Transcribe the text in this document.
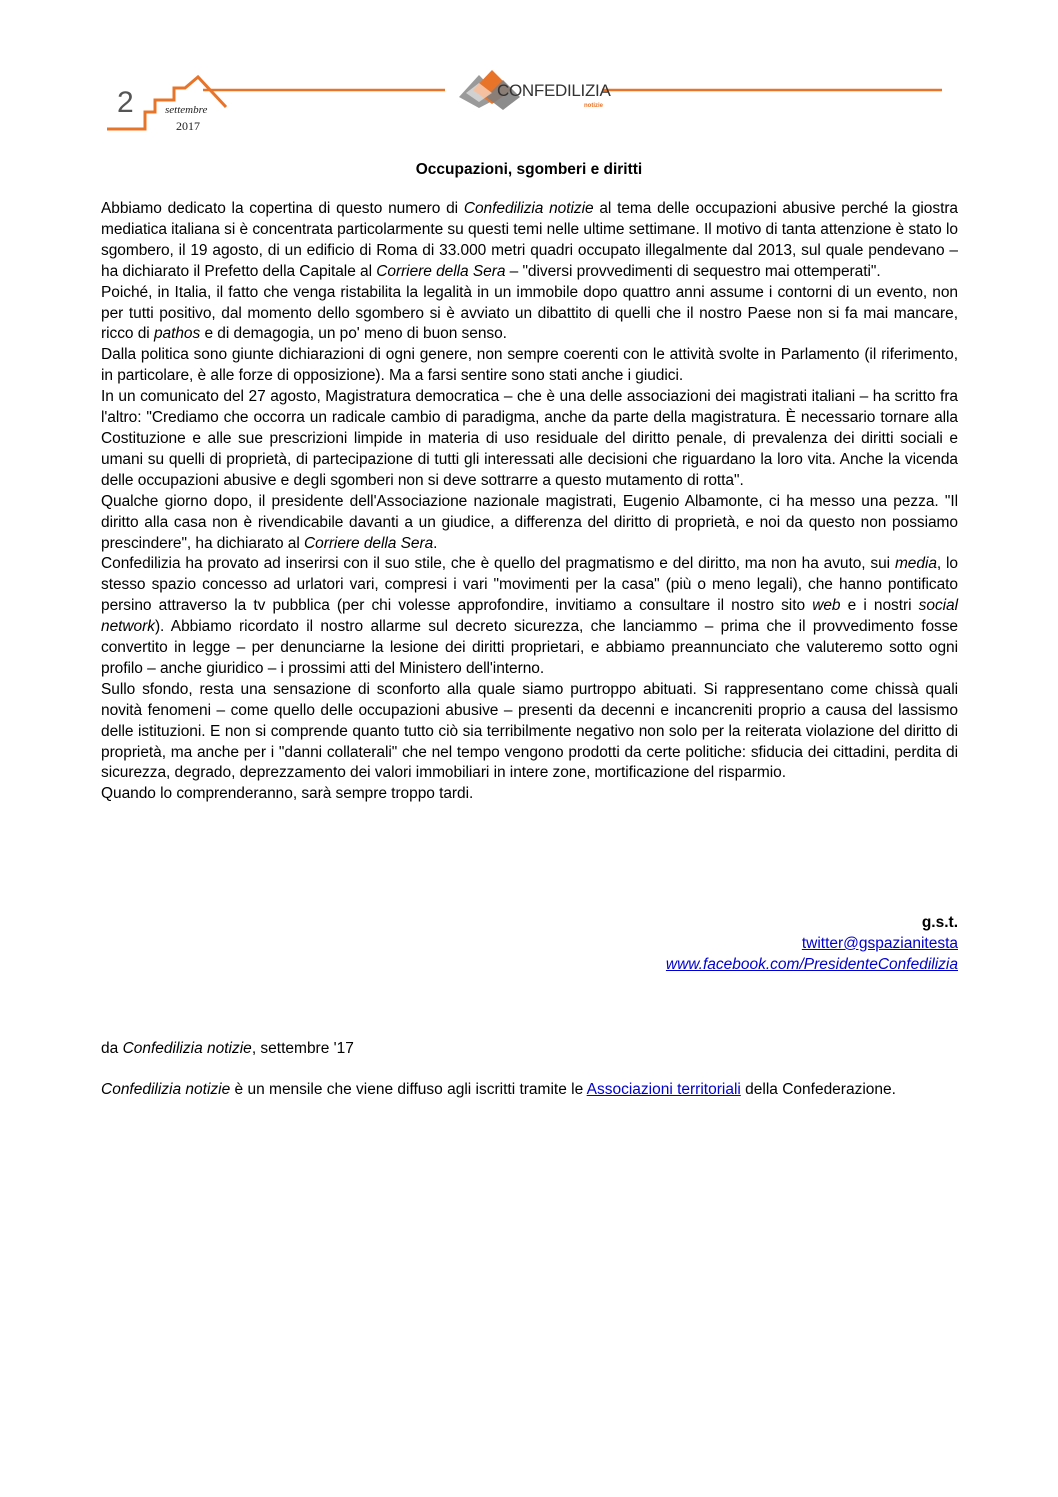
2	settembre
2017
CONFEDILIZIA
notizie
Occupazioni, sgomberi e diritti

Abbiamo dedicato la copertina di questo numero di Confedilizia notizie al tema delle occupazioni abusive perché la giostra mediatica italiana si è concentrata particolarmente su questi temi nelle ultime settimane. Il motivo di tanta attenzione è stato lo sgombero, il 19 agosto, di un edificio di Roma di 33.000 metri quadri occupato illegalmente dal 2013, sul quale pendevano – ha dichiarato il Prefetto della Capitale al Corriere della Sera – "diversi provvedimenti di sequestro mai ottemperati".

Poiché, in Italia, il fatto che venga ristabilita la legalità in un immobile dopo quattro anni assume i contorni di un evento, non per tutti positivo, dal momento dello sgombero si è avviato un dibattito di quelli che il nostro Paese non si fa mai mancare, ricco di pathos e di demagogia, un po' meno di buon senso.

Dalla politica sono giunte dichiarazioni di ogni genere, non sempre coerenti con le attività svolte in Parlamento (il riferimento, in particolare, è alle forze di opposizione). Ma a farsi sentire sono stati anche i giudici.

In un comunicato del 27 agosto, Magistratura democratica – che è una delle associazioni dei magistrati italiani – ha scritto fra l'altro: "Crediamo che occorra un radicale cambio di paradigma, anche da parte della magistratura. È necessario tornare alla Costituzione e alle sue prescrizioni limpide in materia di uso residuale del diritto penale, di prevalenza dei diritti sociali e umani su quelli di proprietà, di partecipazione di tutti gli interessati alle decisioni che riguardano la loro vita. Anche la vicenda delle occupazioni abusive e degli sgomberi non si deve sottrarre a questo mutamento di rotta".

Qualche giorno dopo, il presidente dell'Associazione nazionale magistrati, Eugenio Albamonte, ci ha messo una pezza. "Il diritto alla casa non è rivendicabile davanti a un giudice, a differenza del diritto di proprietà, e noi da questo non possiamo prescindere", ha dichiarato al Corriere della Sera.

Confedilizia ha provato ad inserirsi con il suo stile, che è quello del pragmatismo e del diritto, ma non ha avuto, sui media, lo stesso spazio concesso ad urlatori vari, compresi i vari "movimenti per la casa" (più o meno legali), che hanno pontificato persino attraverso la tv pubblica (per chi volesse approfondire, invitiamo a consultare il nostro sito web e i nostri social network). Abbiamo ricordato il nostro allarme sul decreto sicurezza, che lanciammo – prima che il provvedimento fosse convertito in legge – per denunciarne la lesione dei diritti proprietari, e abbiamo preannunciato che valuteremo sotto ogni profilo – anche giuridico – i prossimi atti del Ministero dell'interno.

Sullo sfondo, resta una sensazione di sconforto alla quale siamo purtroppo abituati. Si rappresentano come chissà quali novità fenomeni – come quello delle occupazioni abusive – presenti da decenni e incancreniti proprio a causa del lassismo delle istituzioni. E non si comprende quanto tutto ciò sia terribilmente negativo non solo per la reiterata violazione del diritto di proprietà, ma anche per i "danni collaterali" che nel tempo vengono prodotti da certe politiche: sfiducia dei cittadini, perdita di sicurezza, degrado, deprezzamento dei valori immobiliari in intere zone, mortificazione del risparmio.

Quando lo comprenderanno, sarà sempre troppo tardi.

g.s.t.
twitter@gspazianitesta
www.facebook.com/PresidenteConfedilizia
da Confedilizia notizie, settembre '17
Confedilizia notizie è un mensile che viene diffuso agli iscritti tramite le Associazioni territoriali della Confederazione.
